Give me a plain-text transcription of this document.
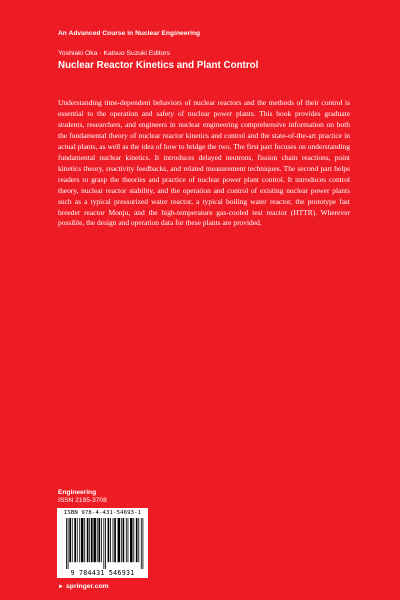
An Advanced Course in Nuclear Engineering
Yoshiaki Oka · Katsuo Suzuki Editors
Nuclear Reactor Kinetics and Plant Control

Understanding time-dependent behaviors of nuclear reactors and the methods of their control is essential to the operation and safety of nuclear power plants. This book provides graduate students, researchers, and engineers in nuclear engineering comprehensive information on both the fundamental theory of nuclear reactor kinetics and control and the state-of-the-art practice in actual plants, as well as the idea of how to bridge the two. The first part focuses on understanding fundamental nuclear kinetics. It introduces delayed neutrons, fission chain reactions, point kinetics theory, reactivity feedbacks, and related measurement techniques. The second part helps readers to grasp the theories and practice of nuclear power plant control. It introduces control theory, nuclear reactor stability, and the operation and control of existing nuclear power plants such as a typical pressurized water reactor, a typical boiling water reactor, the prototype fast breeder reactor Monju, and the high-temperature gas-cooled test reactor (HTTR). Wherever possible, the design and operation data for these plants are provided.

Engineering
ISSN 2195-3708
ISBN 978-4-431-54693-1
9 784431 546931
► springer.com
